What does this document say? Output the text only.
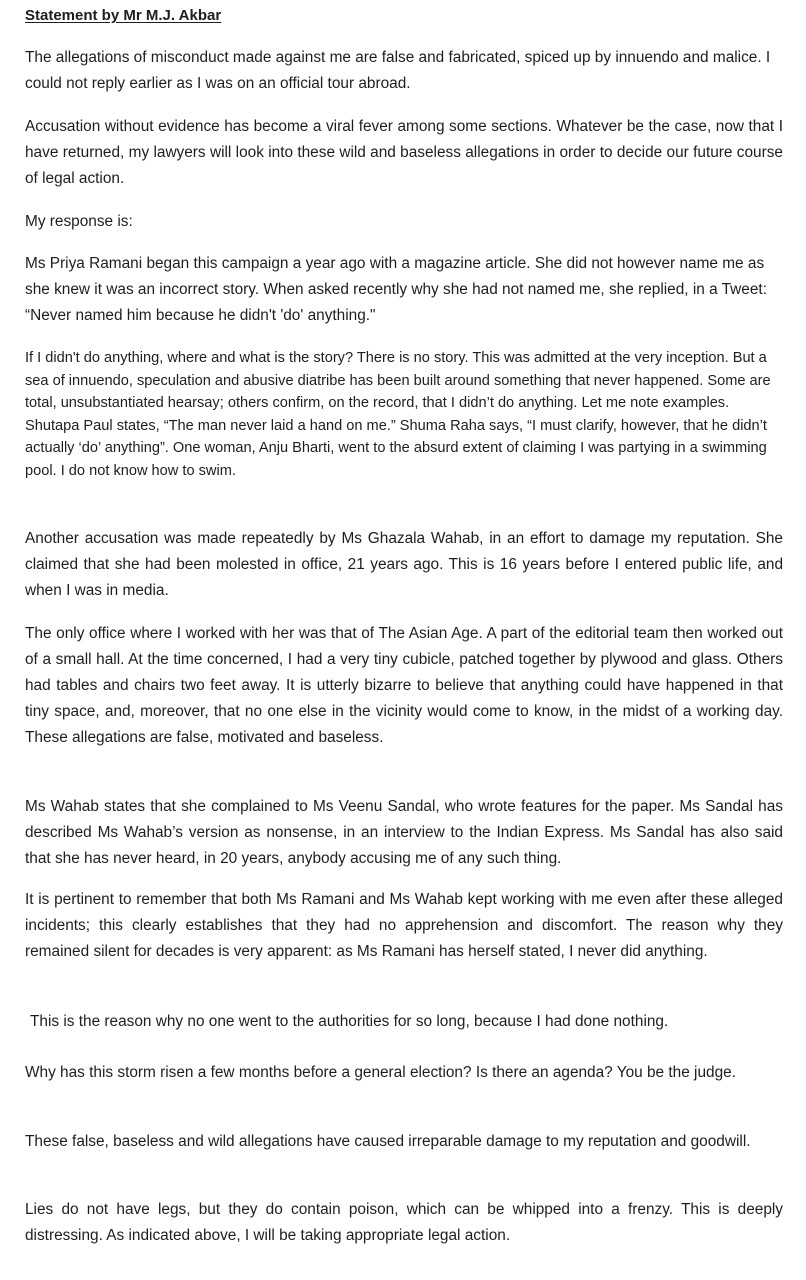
Statement by Mr M.J. Akbar

The allegations of misconduct made against me are false and fabricated, spiced up by innuendo and malice. I could not reply earlier as I was on an official tour abroad.

Accusation without evidence has become a viral fever among some sections. Whatever be the case, now that I have returned, my lawyers will look into these wild and baseless allegations in order to decide our future course of legal action.

My response is:

Ms Priya Ramani began this campaign a year ago with a magazine article. She did not however name me as she knew it was an incorrect story. When asked recently why she had not named me, she replied, in a Tweet: “Never named him because he didn't 'do' anything."

If I didn't do anything, where and what is the story? There is no story. This was admitted at the very inception. But a sea of innuendo, speculation and abusive diatribe has been built around something that never happened. Some are total, unsubstantiated hearsay; others confirm, on the record, that I didn’t do anything. Let me note examples. Shutapa Paul states, “The man never laid a hand on me.” Shuma Raha says, “I must clarify, however, that he didn’t actually ‘do’ anything”. One woman, Anju Bharti, went to the absurd extent of claiming I was partying in a swimming pool. I do not know how to swim.

Another accusation was made repeatedly by Ms Ghazala Wahab, in an effort to damage my reputation. She claimed that she had been molested in office, 21 years ago. This is 16 years before I entered public life, and when I was in media.

The only office where I worked with her was that of The Asian Age. A part of the editorial team then worked out of a small hall. At the time concerned, I had a very tiny cubicle, patched together by plywood and glass. Others had tables and chairs two feet away. It is utterly bizarre to believe that anything could have happened in that tiny space, and, moreover, that no one else in the vicinity would come to know, in the midst of a working day. These allegations are false, motivated and baseless.

Ms Wahab states that she complained to Ms Veenu Sandal, who wrote features for the paper. Ms Sandal has described Ms Wahab’s version as nonsense, in an interview to the Indian Express. Ms Sandal has also said that she has never heard, in 20 years, anybody accusing me of any such thing.

It is pertinent to remember that both Ms Ramani and Ms Wahab kept working with me even after these alleged incidents; this clearly establishes that they had no apprehension and discomfort. The reason why they remained silent for decades is very apparent: as Ms Ramani has herself stated, I never did anything.

This is the reason why no one went to the authorities for so long, because I had done nothing.

Why has this storm risen a few months before a general election? Is there an agenda? You be the judge.

These false, baseless and wild allegations have caused irreparable damage to my reputation and goodwill.

Lies do not have legs, but they do contain poison, which can be whipped into a frenzy. This is deeply distressing. As indicated above, I will be taking appropriate legal action.
